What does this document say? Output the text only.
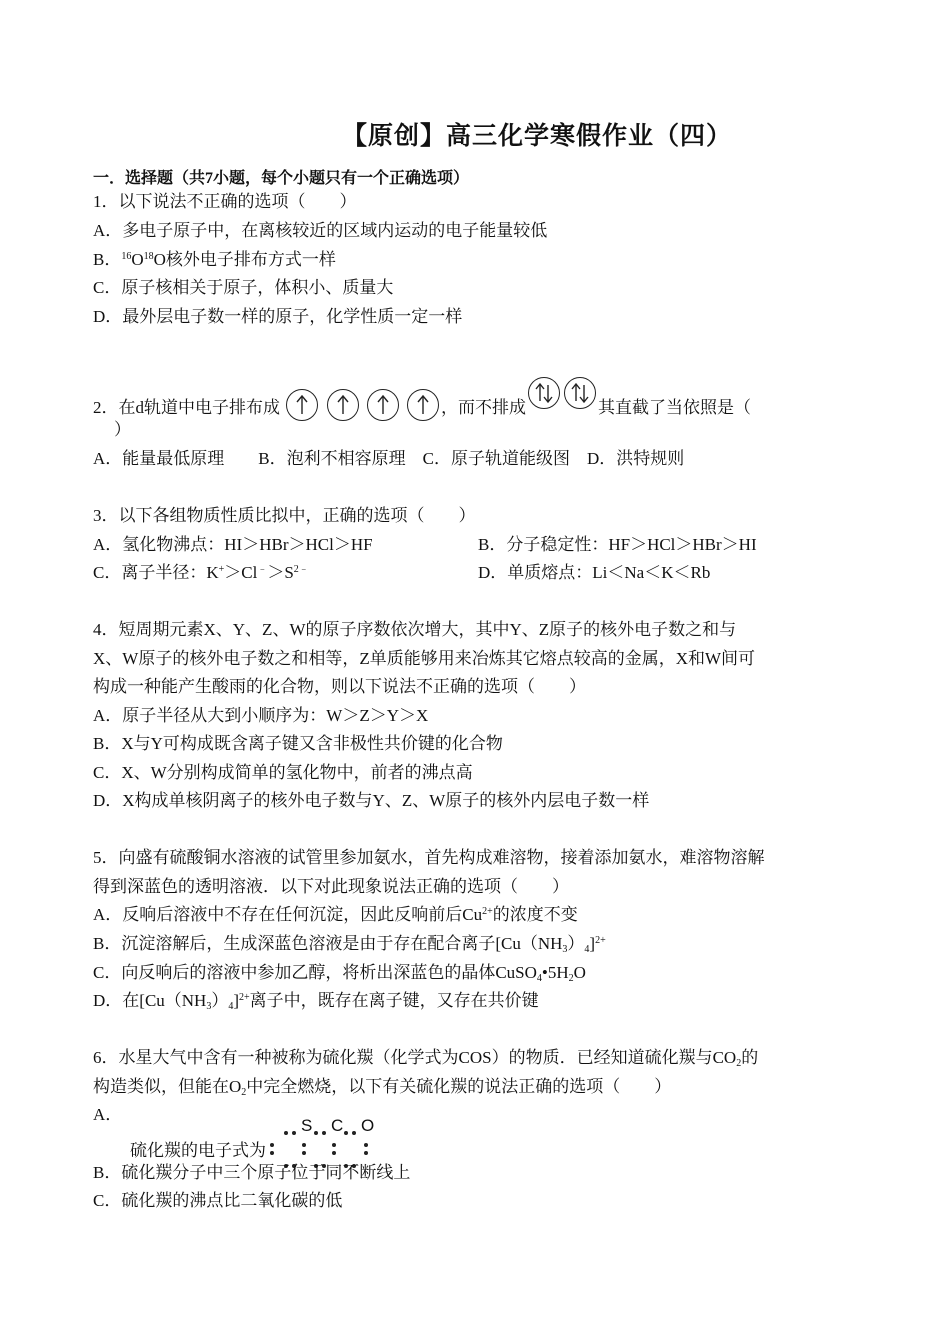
【原创】高三化学寒假作业（四）
一．选择题（共7小题，每个小题只有一个正确选项）
1．以下说法不正确的选项（　　）
A．多电子原子中，在离核较近的区域内运动的电子能量较低
B．$^{16}O^{18}O$核外电子排布方式一样
C．原子核相关于原子，体积小、质量大
D．最外层电子数一样的原子，化学性质一定一样
2．在d轨道中电子排布成

	，而不排成	其直截了当依照是（
）
A．能量最低原理　　B．泡利不相容原理　C．原子轨道能级图　D．洪特规则
3．以下各组物质性质比拟中，正确的选项（　　）
A．氢化物沸点：HI＞HBr＞HCl＞HF	B．分子稳定性：HF＞HCl＞HBr＞HI
C．离子半径：$K^+>Cl^﹣>S^{2﹣}$	D．单质熔点：Li＜Na＜K＜Rb
4．短周期元素X、Y、Z、W的原子序数依次增大，其中Y、Z原子的核外电子数之和与
X、W原子的核外电子数之和相等，Z单质能够用来冶炼其它熔点较高的金属，X和W间可
构成一种能产生酸雨的化合物，则以下说法不正确的选项（　　）
A．原子半径从大到小顺序为：W＞Z＞Y＞X
B．X与Y可构成既含离子键又含非极性共价键的化合物
C．X、W分别构成简单的氢化物中，前者的沸点高
D．X构成单核阴离子的核外电子数与Y、Z、W原子的核外内层电子数一样
5．向盛有硫酸铜水溶液的试管里参加氨水，首先构成难溶物，接着添加氨水，难溶物溶解
得到深蓝色的透明溶液．以下对此现象说法正确的选项（　　）
A．反响后溶液中不存在任何沉淀，因此反响前后$Cu^{2+}$的浓度不变
B．沉淀溶解后，生成深蓝色溶液是由于存在配合离子$[Cu(NH_3)_4]^{2+}$
C．向反响后的溶液中参加乙醇，将析出深蓝色的晶体$CuSO_4•5H_2O$
D．在$[Cu(NH_3)_4]^{2+}$离子中，既存在离子键，又存在共价键
6．水星大气中含有一种被称为硫化羰（化学式为COS）的物质．已经知道硫化羰与$CO_2$的
构造类似，但能在$O_2$中完全燃烧，以下有关硫化羰的说法正确的选项（　　）
A．
硫化羰的电子式为
S C O
B．硫化羰分子中三个原子位于同不断线上
C．硫化羰的沸点比二氧化碳的低
